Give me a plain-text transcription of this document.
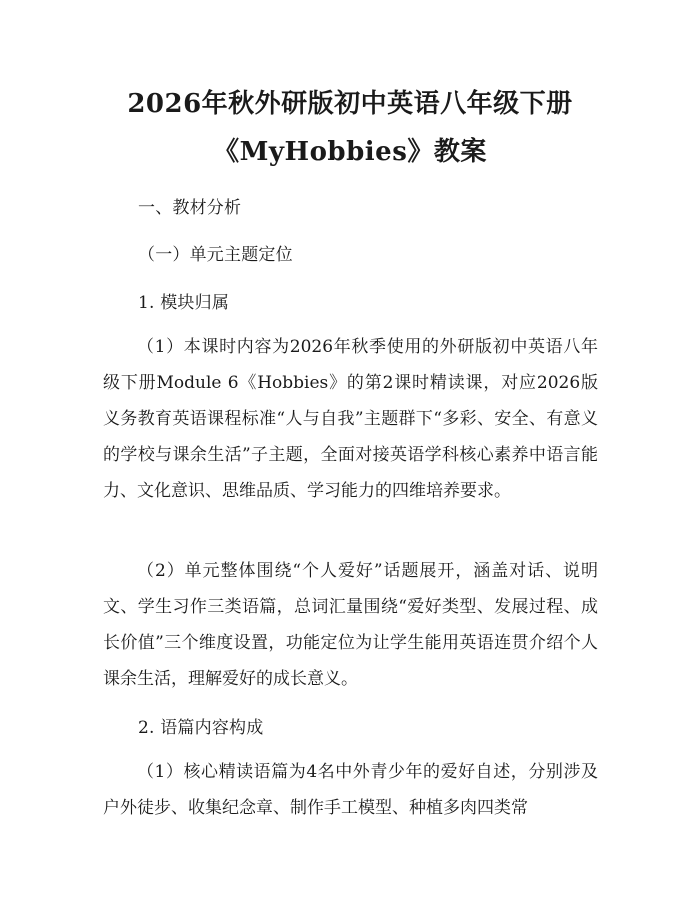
2026年秋外研版初中英语八年级下册
《MyHobbies》教案
一、教材分析
（一）单元主题定位
1. 模块归属
（1）本课时内容为2026年秋季使用的外研版初中英语八年级下册Module 6《Hobbies》的第2课时精读课，对应2026版义务教育英语课程标准“人与自我”主题群下“多彩、安全、有意义的学校与课余生活”子主题，全面对接英语学科核心素养中语言能力、文化意识、思维品质、学习能力的四维培养要求。
（2）单元整体围绕“个人爱好”话题展开，涵盖对话、说明文、学生习作三类语篇，总词汇量围绕“爱好类型、发展过程、成长价值”三个维度设置，功能定位为让学生能用英语连贯介绍个人课余生活，理解爱好的成长意义。
2. 语篇内容构成
（1）核心精读语篇为4名中外青少年的爱好自述，分别涉及户外徒步、收集纪念章、制作手工模型、种植多肉四类常
